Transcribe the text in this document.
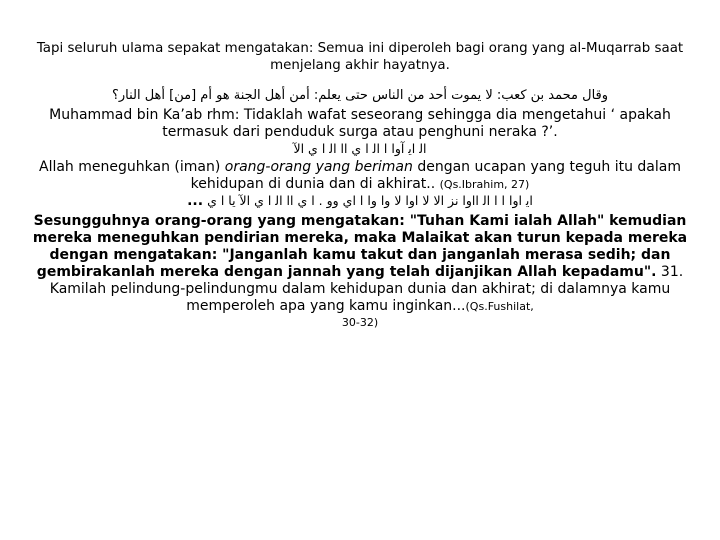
Tapi seluruh ulama sepakat mengatakan: Semua ini diperoleh bagi orang yang al-Muqarrab saat menjelang akhir hayatnya.

وقال محمد بن كعب: لا يموت أحد من الناس حتى يعلم: أمن أهل الجنة هو أم [من] أهل النار؟

Muhammad bin Ka’ab rhm: Tidaklah wafat seseorang sehingga dia mengetahui ‘ apakah termasuk dari penduduk surga atau penghuni neraka ?’.

ﺍﻟ ﺍﻳ ﺁﻭﺍ ﺍ ﺍﻟ ﺍ ﻱ ﺍﺍ ﺍﻟ ﺍ ﻱ ﺍﻵ

Allah meneguhkan (iman) orang-orang yang beriman dengan ucapan yang teguh itu dalam kehidupan di dunia dan di akhirat.. (Qs.Ibrahim, 27)

ﺍﻳ ﺍﻭﺍ ﺍ ﺍ ﺍﻟ ﺍﺍﻭﺍ ﻧﺰ ﺍﻻ ﻻ ﺍﻭﺍ ﻻ ﻭﺍ ﻭﺍ ﺍ ﺍﻱ ﻭﻭ . ﺍ ﻱ ﺍﺍ ﺍﻟ ﺍ ﻱ ﺍﻵ ﻳﺎ ﺍ ﻱ ...

Sesungguhnya orang-orang yang mengatakan: "Tuhan Kami ialah Allah" kemudian mereka meneguhkan pendirian mereka, maka Malaikat akan turun kepada mereka dengan mengatakan: "Janganlah kamu takut dan janganlah merasa sedih; dan gembirakanlah mereka dengan jannah yang telah dijanjikan Allah kepadamu". 31. Kamilah pelindung-pelindungmu dalam kehidupan dunia dan akhirat; di dalamnya kamu memperoleh apa yang kamu inginkan...(Qs.Fushilat,
30-32)
